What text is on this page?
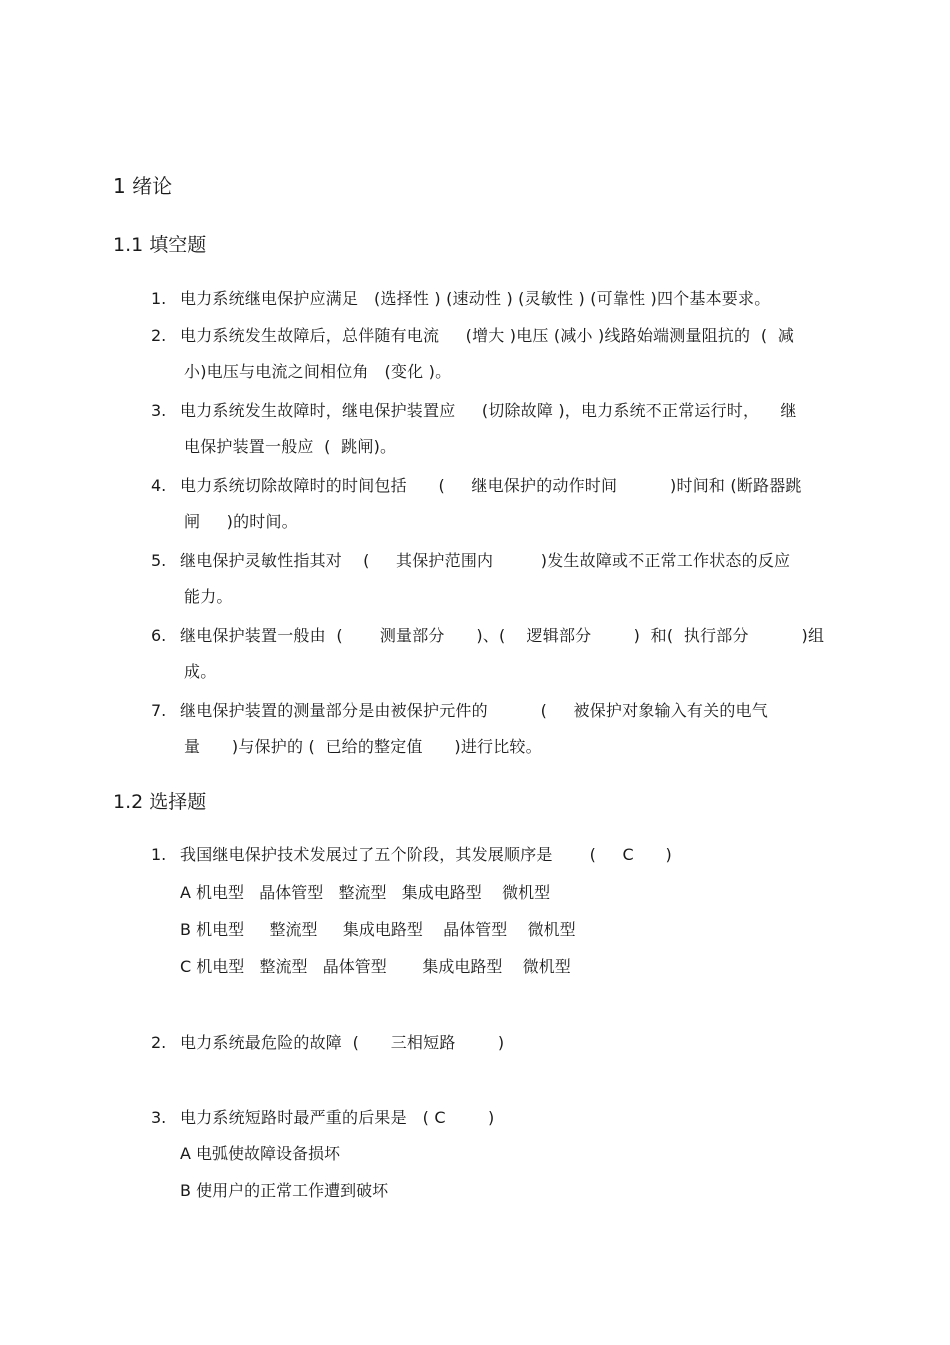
1 绪论
1.1 填空题
1. 电力系统继电保护应满足   (选择性 ) (速动性 ) (灵敏性 ) (可靠性 )四个基本要求。
2. 电力系统发生故障后，总伴随有电流     (增大 )电压 (减小 )线路始端测量阻抗的  (  减
小)电压与电流之间相位角   (变化 )。
3. 电力系统发生故障时，继电保护装置应     (切除故障 )，电力系统不正常运行时，    继
电保护装置一般应  (  跳闸)。
4. 电力系统切除故障时的时间包括      (     继电保护的动作时间          )时间和 (断路器跳
闸     )的时间。
5. 继电保护灵敏性指其对    (     其保护范围内         )发生故障或不正常工作状态的反应
能力。
6. 继电保护装置一般由  (       测量部分      )、(    逻辑部分        )  和(  执行部分          )组
成。
7. 继电保护装置的测量部分是由被保护元件的          (     被保护对象输入有关的电气
量      )与保护的 (  已给的整定值      )进行比较。
1.2 选择题
1. 我国继电保护技术发展过了五个阶段，其发展顺序是       (     C      )
A 机电型   晶体管型   整流型   集成电路型    微机型
B 机电型     整流型     集成电路型    晶体管型    微机型
C 机电型   整流型   晶体管型       集成电路型    微机型
2. 电力系统最危险的故障  (      三相短路        )
3. 电力系统短路时最严重的后果是   ( C        )
A 电弧使故障设备损坏
B 使用户的正常工作遭到破坏
